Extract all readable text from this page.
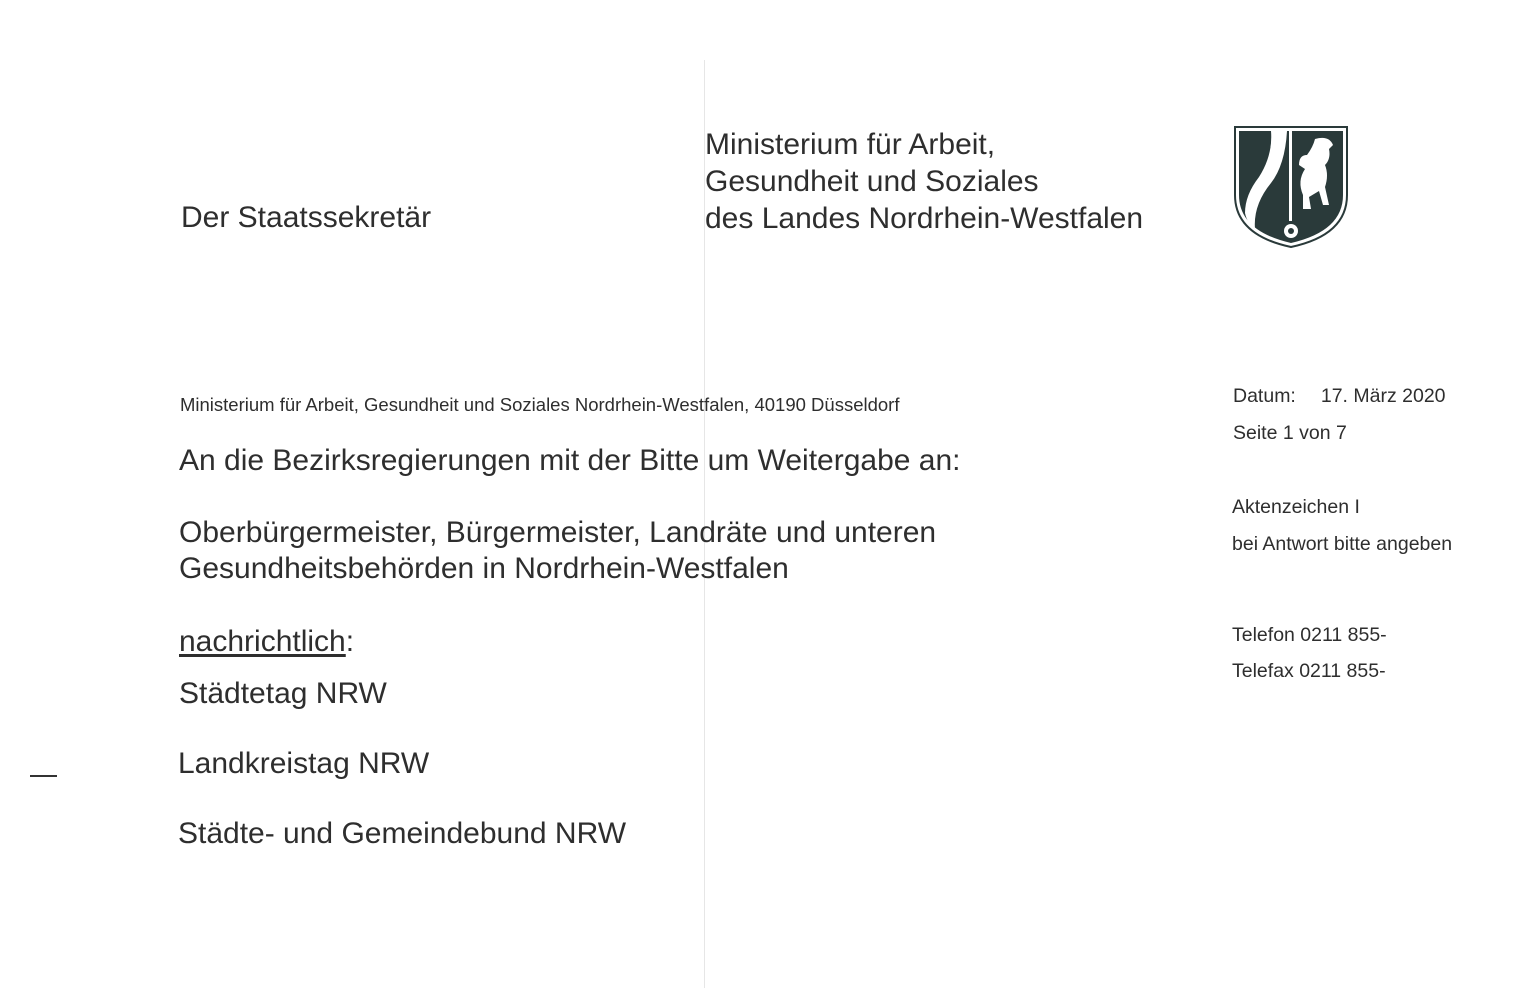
Der Staatssekretär
Ministerium für Arbeit,
Gesundheit und Soziales
des Landes Nordrhein-Westfalen
Ministerium für Arbeit, Gesundheit und Soziales Nordrhein-Westfalen, 40190 Düsseldorf
An die Bezirksregierungen mit der Bitte um Weitergabe an:
Oberbürgermeister, Bürgermeister, Landräte und unteren
Gesundheitsbehörden in Nordrhein-Westfalen
nachrichtlich:
Städtetag NRW
Landkreistag NRW
Städte- und Gemeindebund NRW
Datum: 17. März 2020
Seite 1 von 7
Aktenzeichen I
bei Antwort bitte angeben
Telefon 0211 855-
Telefax 0211 855-
